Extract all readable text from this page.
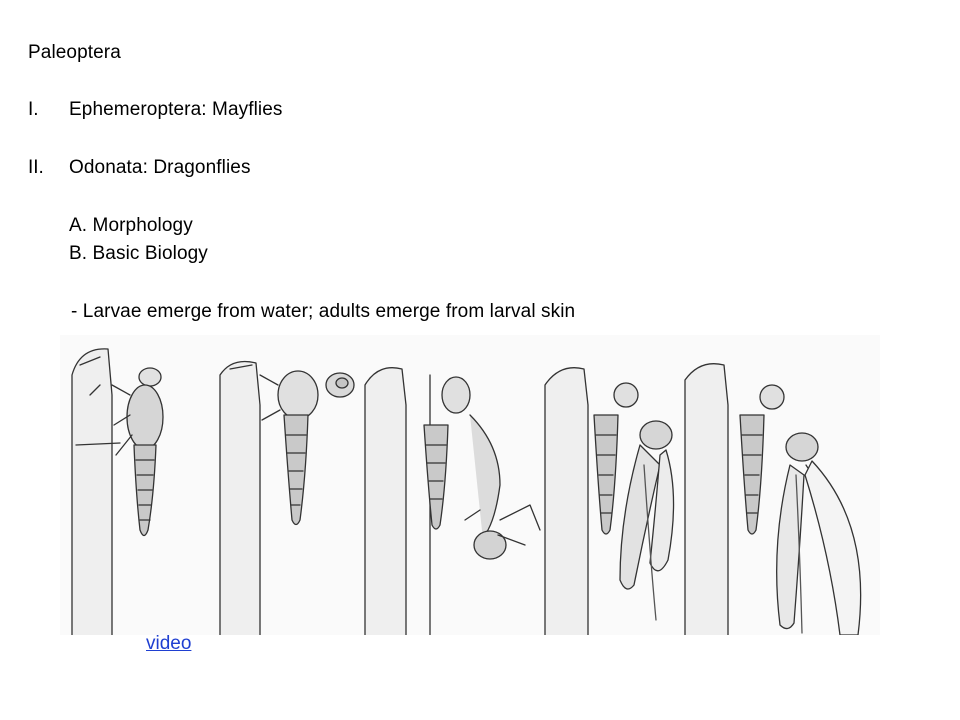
Paleoptera
I. Ephemeroptera: Mayflies
II. Odonata: Dragonflies
A. Morphology
B. Basic Biology
- Larvae emerge from water; adults emerge from larval skin
video
